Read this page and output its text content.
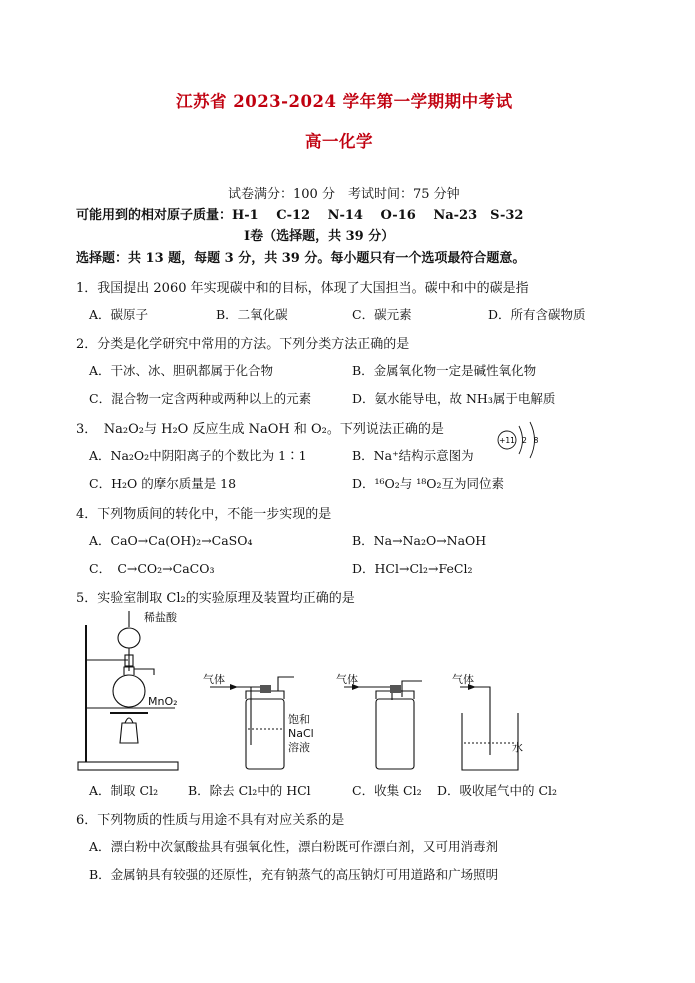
江苏省 2023-2024 学年第一学期期中考试
高一化学
试卷满分：100 分　考试时间：75 分钟
可能用到的相对原子质量：H-1　 C-12　 N-14　 O-16　 Na-23　S-32
Ⅰ卷（选择题，共 39 分）
选择题：共 13 题，每题 3 分，共 39 分。每小题只有一个选项最符合题意。
1．我国提出 2060 年实现碳中和的目标，体现了大国担当。碳中和中的碳是指
A．碳原子	B．二氧化碳	C．碳元素	D．所有含碳物质
2．分类是化学研究中常用的方法。下列分类方法正确的是
A．干冰、冰、胆矾都属于化合物	B．金属氧化物一定是碱性氧化物
C．混合物一定含两种或两种以上的元素	D．氨水能导电，故 NH₃属于电解质
3．　Na₂O₂与 H₂O 反应生成 NaOH 和 O₂。下列说法正确的是
A．Na₂O₂中阴阳离子的个数比为 1∶1	B．Na⁺结构示意图为
+11 2 8
C．H₂O 的摩尔质量是 18	D．¹⁶O₂与 ¹⁸O₂互为同位素
4．下列物质间的转化中，不能一步实现的是
A．CaO→Ca(OH)₂→CaSO₄	B．Na→Na₂O→NaOH
C．　C→CO₂→CaCO₃	D．HCl→Cl₂→FeCl₂
5．实验室制取 Cl₂的实验原理及装置均正确的是
稀盐酸
MnO₂
气体
饱和
NaCl
溶液
气体	气体
水
A．制取 Cl₂ B．除去 Cl₂中的 HCl	C．收集 Cl₂ D．吸收尾气中的 Cl₂
6．下列物质的性质与用途不具有对应关系的是
A．漂白粉中次氯酸盐具有强氧化性，漂白粉既可作漂白剂，又可用消毒剂
B．金属钠具有较强的还原性，充有钠蒸气的高压钠灯可用道路和广场照明
